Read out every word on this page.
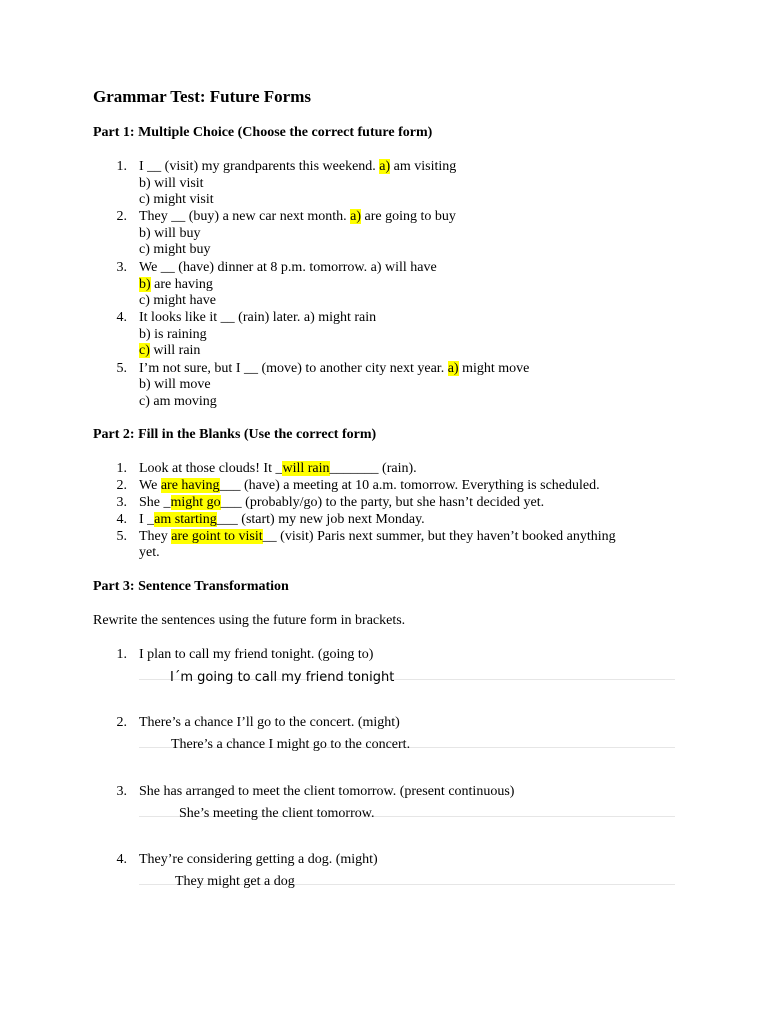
Grammar Test: Future Forms
Part 1: Multiple Choice (Choose the correct future form)
1. I __ (visit) my grandparents this weekend. a) am visiting
b) will visit
c) might visit
2. They __ (buy) a new car next month. a) are going to buy
b) will buy
c) might buy
3. We __ (have) dinner at 8 p.m. tomorrow. a) will have
b) are having
c) might have
4. It looks like it __ (rain) later. a) might rain
b) is raining
c) will rain
5. I’m not sure, but I __ (move) to another city next year. a) might move
b) will move
c) am moving
Part 2: Fill in the Blanks (Use the correct form)
1. Look at those clouds! It _will rain_______ (rain).
2. We are having___ (have) a meeting at 10 a.m. tomorrow. Everything is scheduled.
3. She _might go___ (probably/go) to the party, but she hasn’t decided yet.
4. I _am starting___ (start) my new job next Monday.
5. They are goint to visit__ (visit) Paris next summer, but they haven’t booked anything
yet.
Part 3: Sentence Transformation
Rewrite the sentences using the future form in brackets.
1. I plan to call my friend tonight. (going to)
I´m going to call my friend tonight
2. There’s a chance I’ll go to the concert. (might)
There’s a chance I might go to the concert.
3. She has arranged to meet the client tomorrow. (present continuous)
She’s meeting the client tomorrow.
4. They’re considering getting a dog. (might)
They might get a dog
